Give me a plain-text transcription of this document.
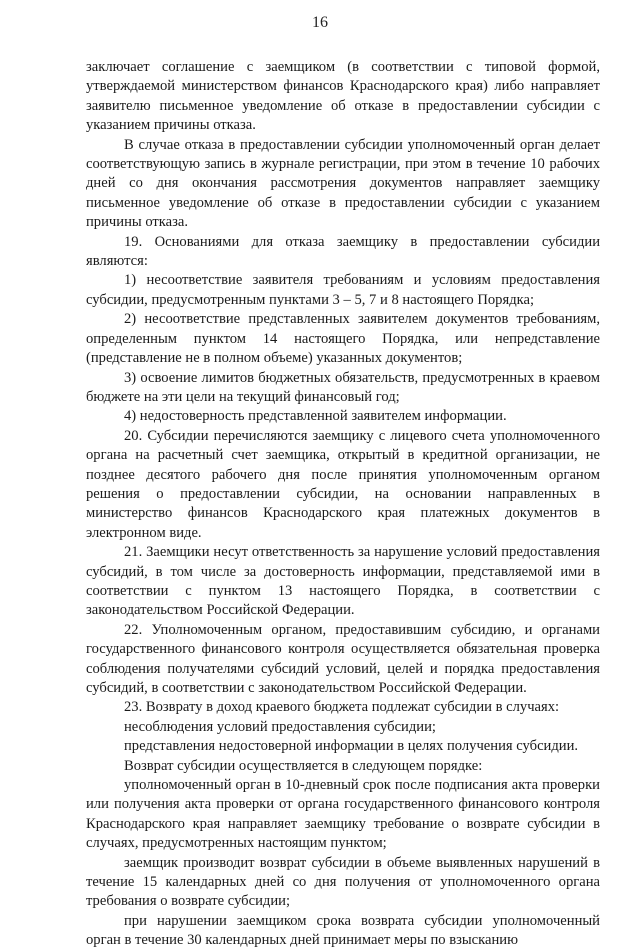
16

заключает соглашение с заемщиком (в соответствии с типовой формой, утверждаемой министерством финансов Краснодарского края) либо направляет заявителю письменное уведомление об отказе в предоставлении субсидии с указанием причины отказа.

В случае отказа в предоставлении субсидии уполномоченный орган делает соответствующую запись в журнале регистрации, при этом в течение 10 рабочих дней со дня окончания рассмотрения документов направляет заемщику письменное уведомление об отказе в предоставлении субсидии с указанием причины отказа.

19. Основаниями для отказа заемщику в предоставлении субсидии являются:

1) несоответствие заявителя требованиям и условиям предоставления субсидии, предусмотренным пунктами 3 – 5, 7 и 8 настоящего Порядка;

2) несоответствие представленных заявителем документов требованиям, определенным пунктом 14 настоящего Порядка, или непредставление (представление не в полном объеме) указанных документов;

3) освоение лимитов бюджетных обязательств, предусмотренных в краевом бюджете на эти цели на текущий финансовый год;

4) недостоверность представленной заявителем информации.

20. Субсидии перечисляются заемщику с лицевого счета уполномоченного органа на расчетный счет заемщика, открытый в кредитной организации, не позднее десятого рабочего дня после принятия уполномоченным органом решения о предоставлении субсидии, на основании направленных в министерство финансов Краснодарского края платежных документов в электронном виде.

21. Заемщики несут ответственность за нарушение условий предоставления субсидий, в том числе за достоверность информации, представляемой ими в соответствии с пунктом 13 настоящего Порядка, в соответствии с законодательством Российской Федерации.

22. Уполномоченным органом, предоставившим субсидию, и органами государственного финансового контроля осуществляется обязательная проверка соблюдения получателями субсидий условий, целей и порядка предоставления субсидий, в соответствии с законодательством Российской Федерации.

23. Возврату в доход краевого бюджета подлежат субсидии в случаях:

несоблюдения условий предоставления субсидии;

представления недостоверной информации в целях получения субсидии.

Возврат субсидии осуществляется в следующем порядке:

уполномоченный орган в 10-дневный срок после подписания акта проверки или получения акта проверки от органа государственного финансового контроля Краснодарского края направляет заемщику требование о возврате субсидии в случаях, предусмотренных настоящим пунктом;

заемщик производит возврат субсидии в объеме выявленных нарушений в течение 15 календарных дней со дня получения от уполномоченного органа требования о возврате субсидии;

при нарушении заемщиком срока возврата субсидии уполномоченный орган в течение 30 календарных дней принимает меры по взысканию
